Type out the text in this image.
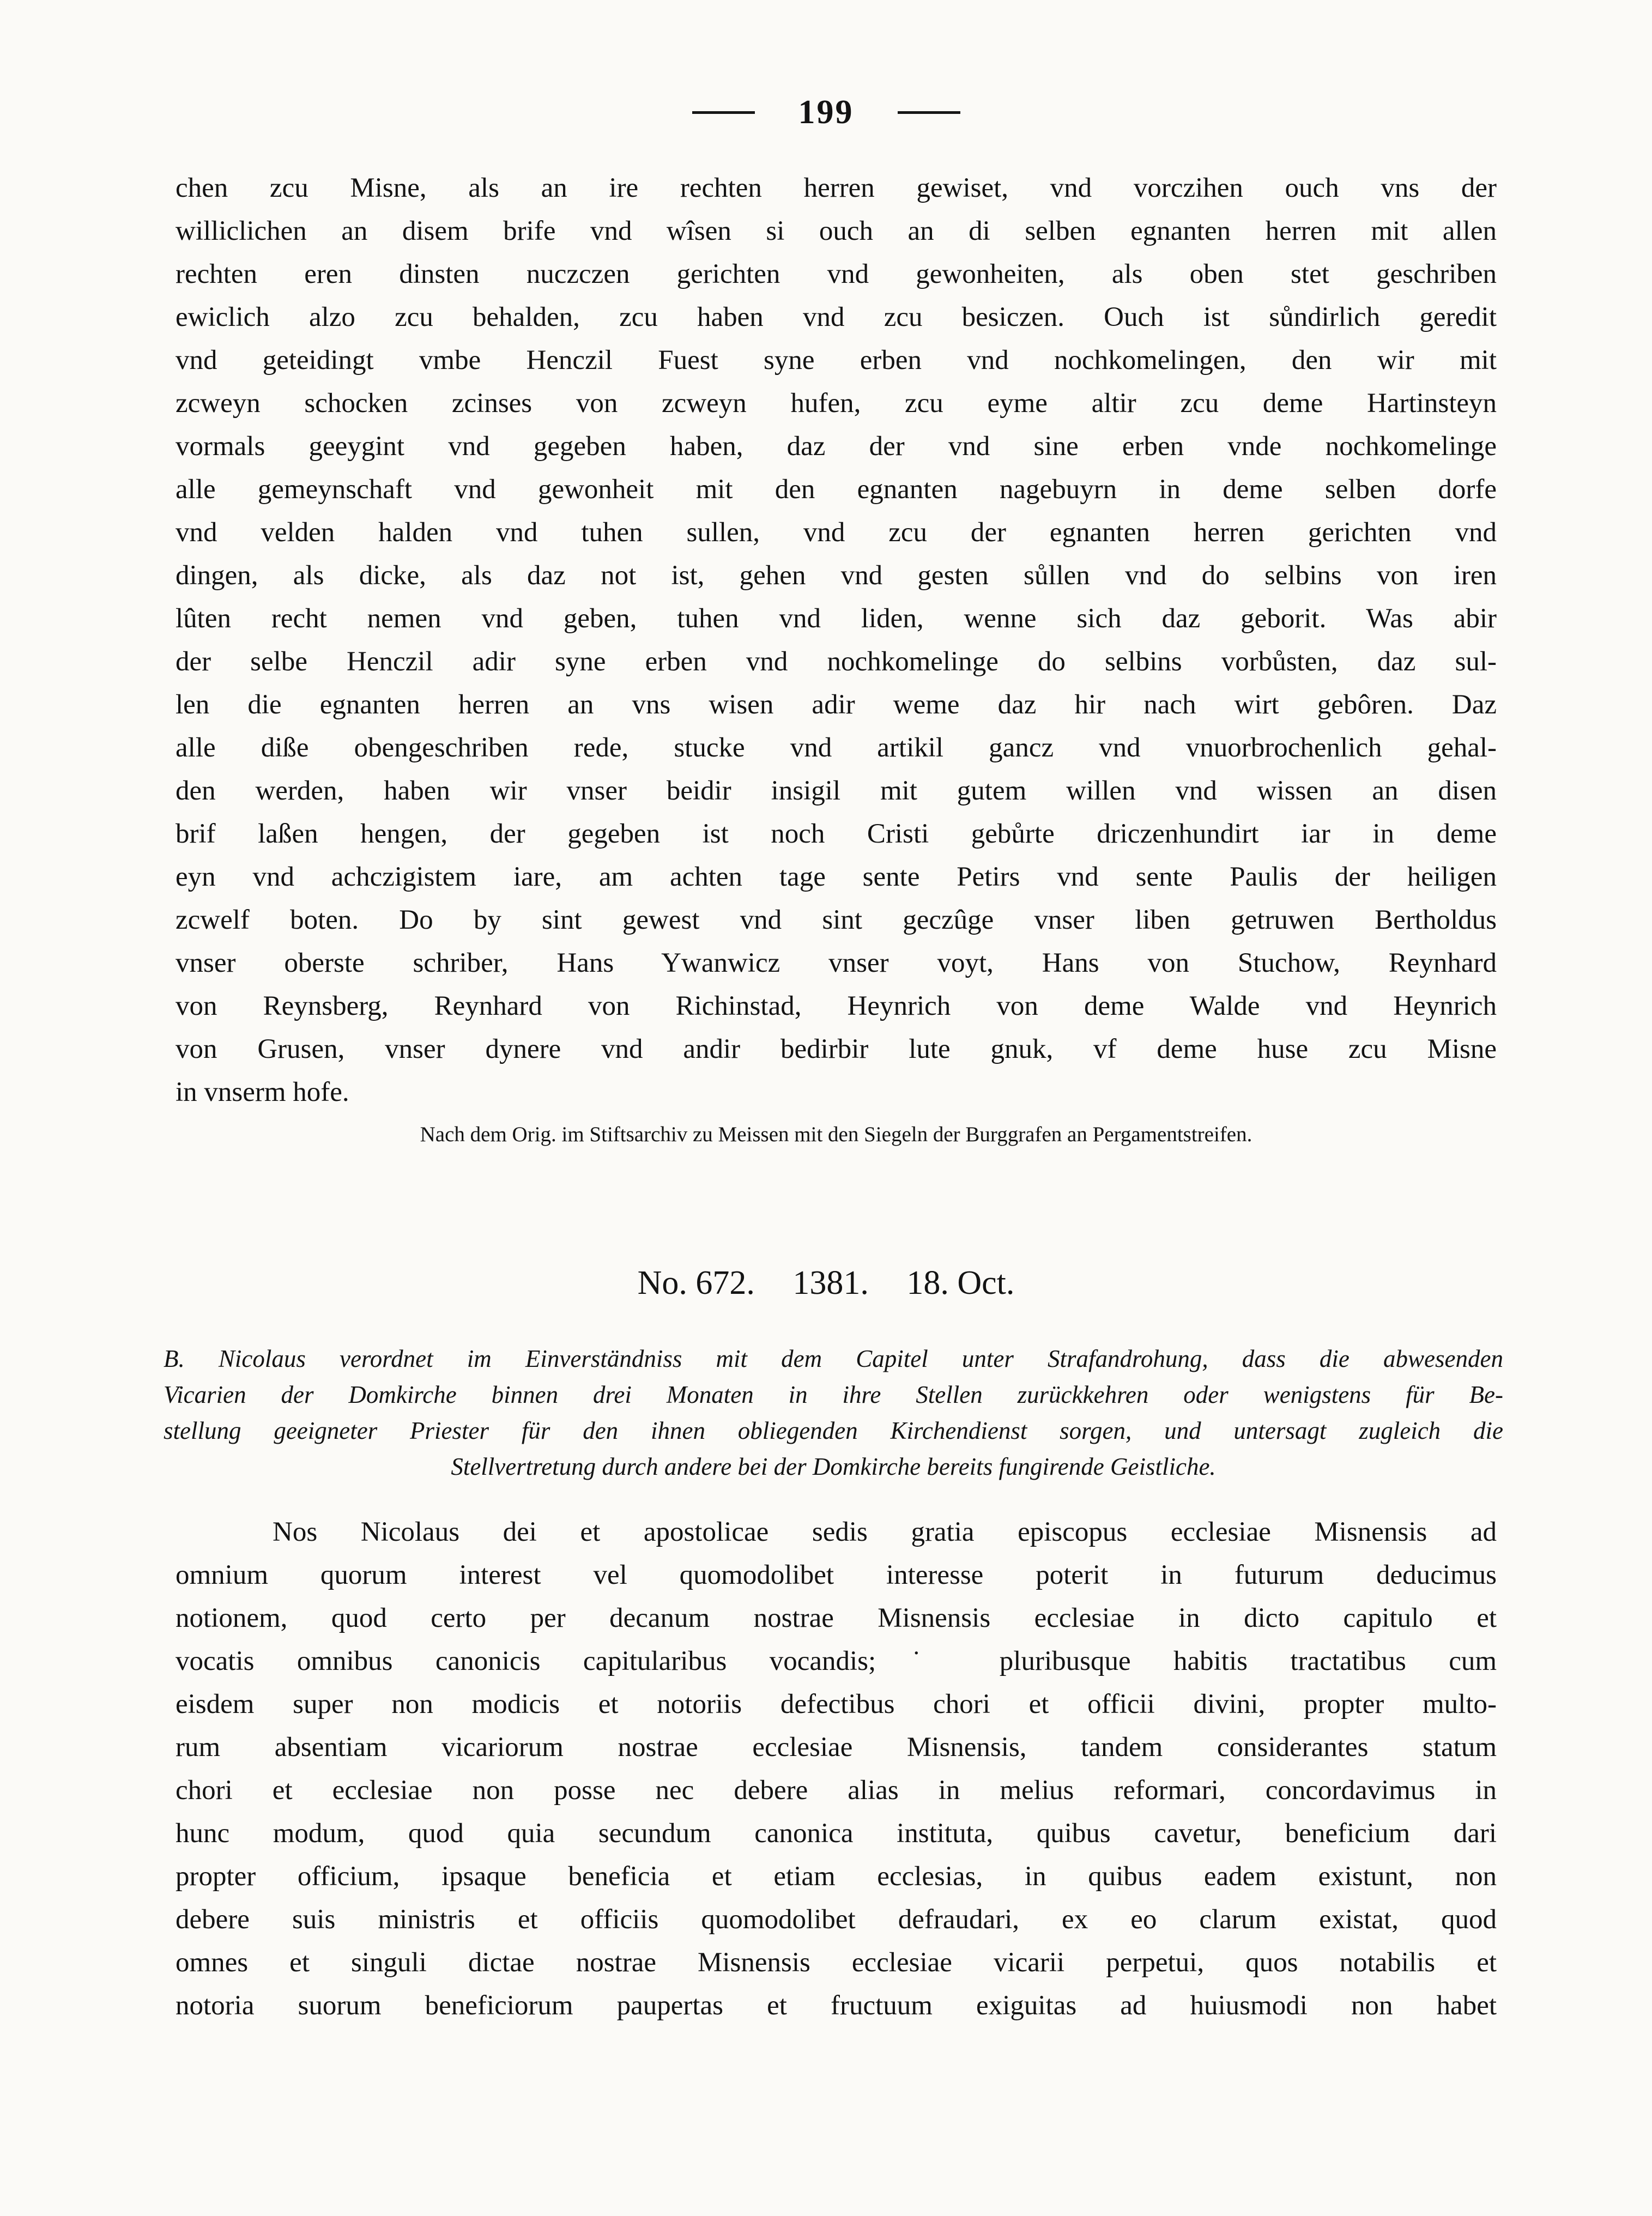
199
chen zcu Misne, als an ire rechten herren gewiset, vnd vorczihen ouch vns der
williclichen an disem brife vnd wîsen si ouch an di selben egnanten herren mit allen
rechten eren dinsten nuczczen gerichten vnd gewonheiten, als oben stet geschriben
ewiclich alzo zcu behalden, zcu haben vnd zcu besiczen. Ouch ist sůndirlich geredit
vnd geteidingt vmbe Henczil Fuest syne erben vnd nochkomelingen, den wir mit
zcweyn schocken zcinses von zcweyn hufen, zcu eyme altir zcu deme Hartinsteyn
vormals geeygint vnd gegeben haben, daz der vnd sine erben vnde nochkomelinge
alle gemeynschaft vnd gewonheit mit den egnanten nagebuyrn in deme selben dorfe
vnd velden halden vnd tuhen sullen, vnd zcu der egnanten herren gerichten vnd
dingen, als dicke, als daz not ist, gehen vnd gesten sůllen vnd do selbins von iren
lûten recht nemen vnd geben, tuhen vnd liden, wenne sich daz geborit. Was abir
der selbe Henczil adir syne erben vnd nochkomelinge do selbins vorbůsten, daz sul-
len die egnanten herren an vns wisen adir weme daz hir nach wirt gebôren. Daz
alle diße obengeschriben rede, stucke vnd artikil gancz vnd vnuorbrochenlich gehal-
den werden, haben wir vnser beidir insigil mit gutem willen vnd wissen an disen
brif laßen hengen, der gegeben ist noch Cristi gebůrte driczenhundirt iar in deme
eyn vnd achczigistem iare, am achten tage sente Petirs vnd sente Paulis der heiligen
zcwelf boten. Do by sint gewest vnd sint geczûge vnser liben getruwen Bertholdus
vnser oberste schriber, Hans Ywanwicz vnser voyt, Hans von Stuchow, Reynhard
von Reynsberg, Reynhard von Richinstad, Heynrich von deme Walde vnd Heynrich
von Grusen, vnser dynere vnd andir bedirbir lute gnuk, vf deme huse zcu Misne
in vnserm hofe.
Nach dem Orig. im Stiftsarchiv zu Meissen mit den Siegeln der Burggrafen an Pergamentstreifen.
No. 672. 1381. 18. Oct.
B. Nicolaus verordnet im Einverständniss mit dem Capitel unter Strafandrohung, dass die abwesenden
Vicarien der Domkirche binnen drei Monaten in ihre Stellen zurückkehren oder wenigstens für Be-
stellung geeigneter Priester für den ihnen obliegenden Kirchendienst sorgen, und untersagt zugleich die
Stellvertretung durch andere bei der Domkirche bereits fungirende Geistliche.
Nos Nicolaus dei et apostolicae sedis gratia episcopus ecclesiae Misnensis ad
omnium quorum interest vel quomodolibet interesse poterit in futurum deducimus
notionem, quod certo per decanum nostrae Misnensis ecclesiae in dicto capitulo et
vocatis omnibus canonicis capitularibus vocandis;˙ pluribusque habitis tractatibus cum
eisdem super non modicis et notoriis defectibus chori et officii divini, propter multo-
rum absentiam vicariorum nostrae ecclesiae Misnensis, tandem considerantes statum
chori et ecclesiae non posse nec debere alias in melius reformari, concordavimus in
hunc modum, quod quia secundum canonica instituta, quibus cavetur, beneficium dari
propter officium, ipsaque beneficia et etiam ecclesias, in quibus eadem existunt, non
debere suis ministris et officiis quomodolibet defraudari, ex eo clarum existat, quod
omnes et singuli dictae nostrae Misnensis ecclesiae vicarii perpetui, quos notabilis et
notoria suorum beneficiorum paupertas et fructuum exiguitas ad huiusmodi non habet
